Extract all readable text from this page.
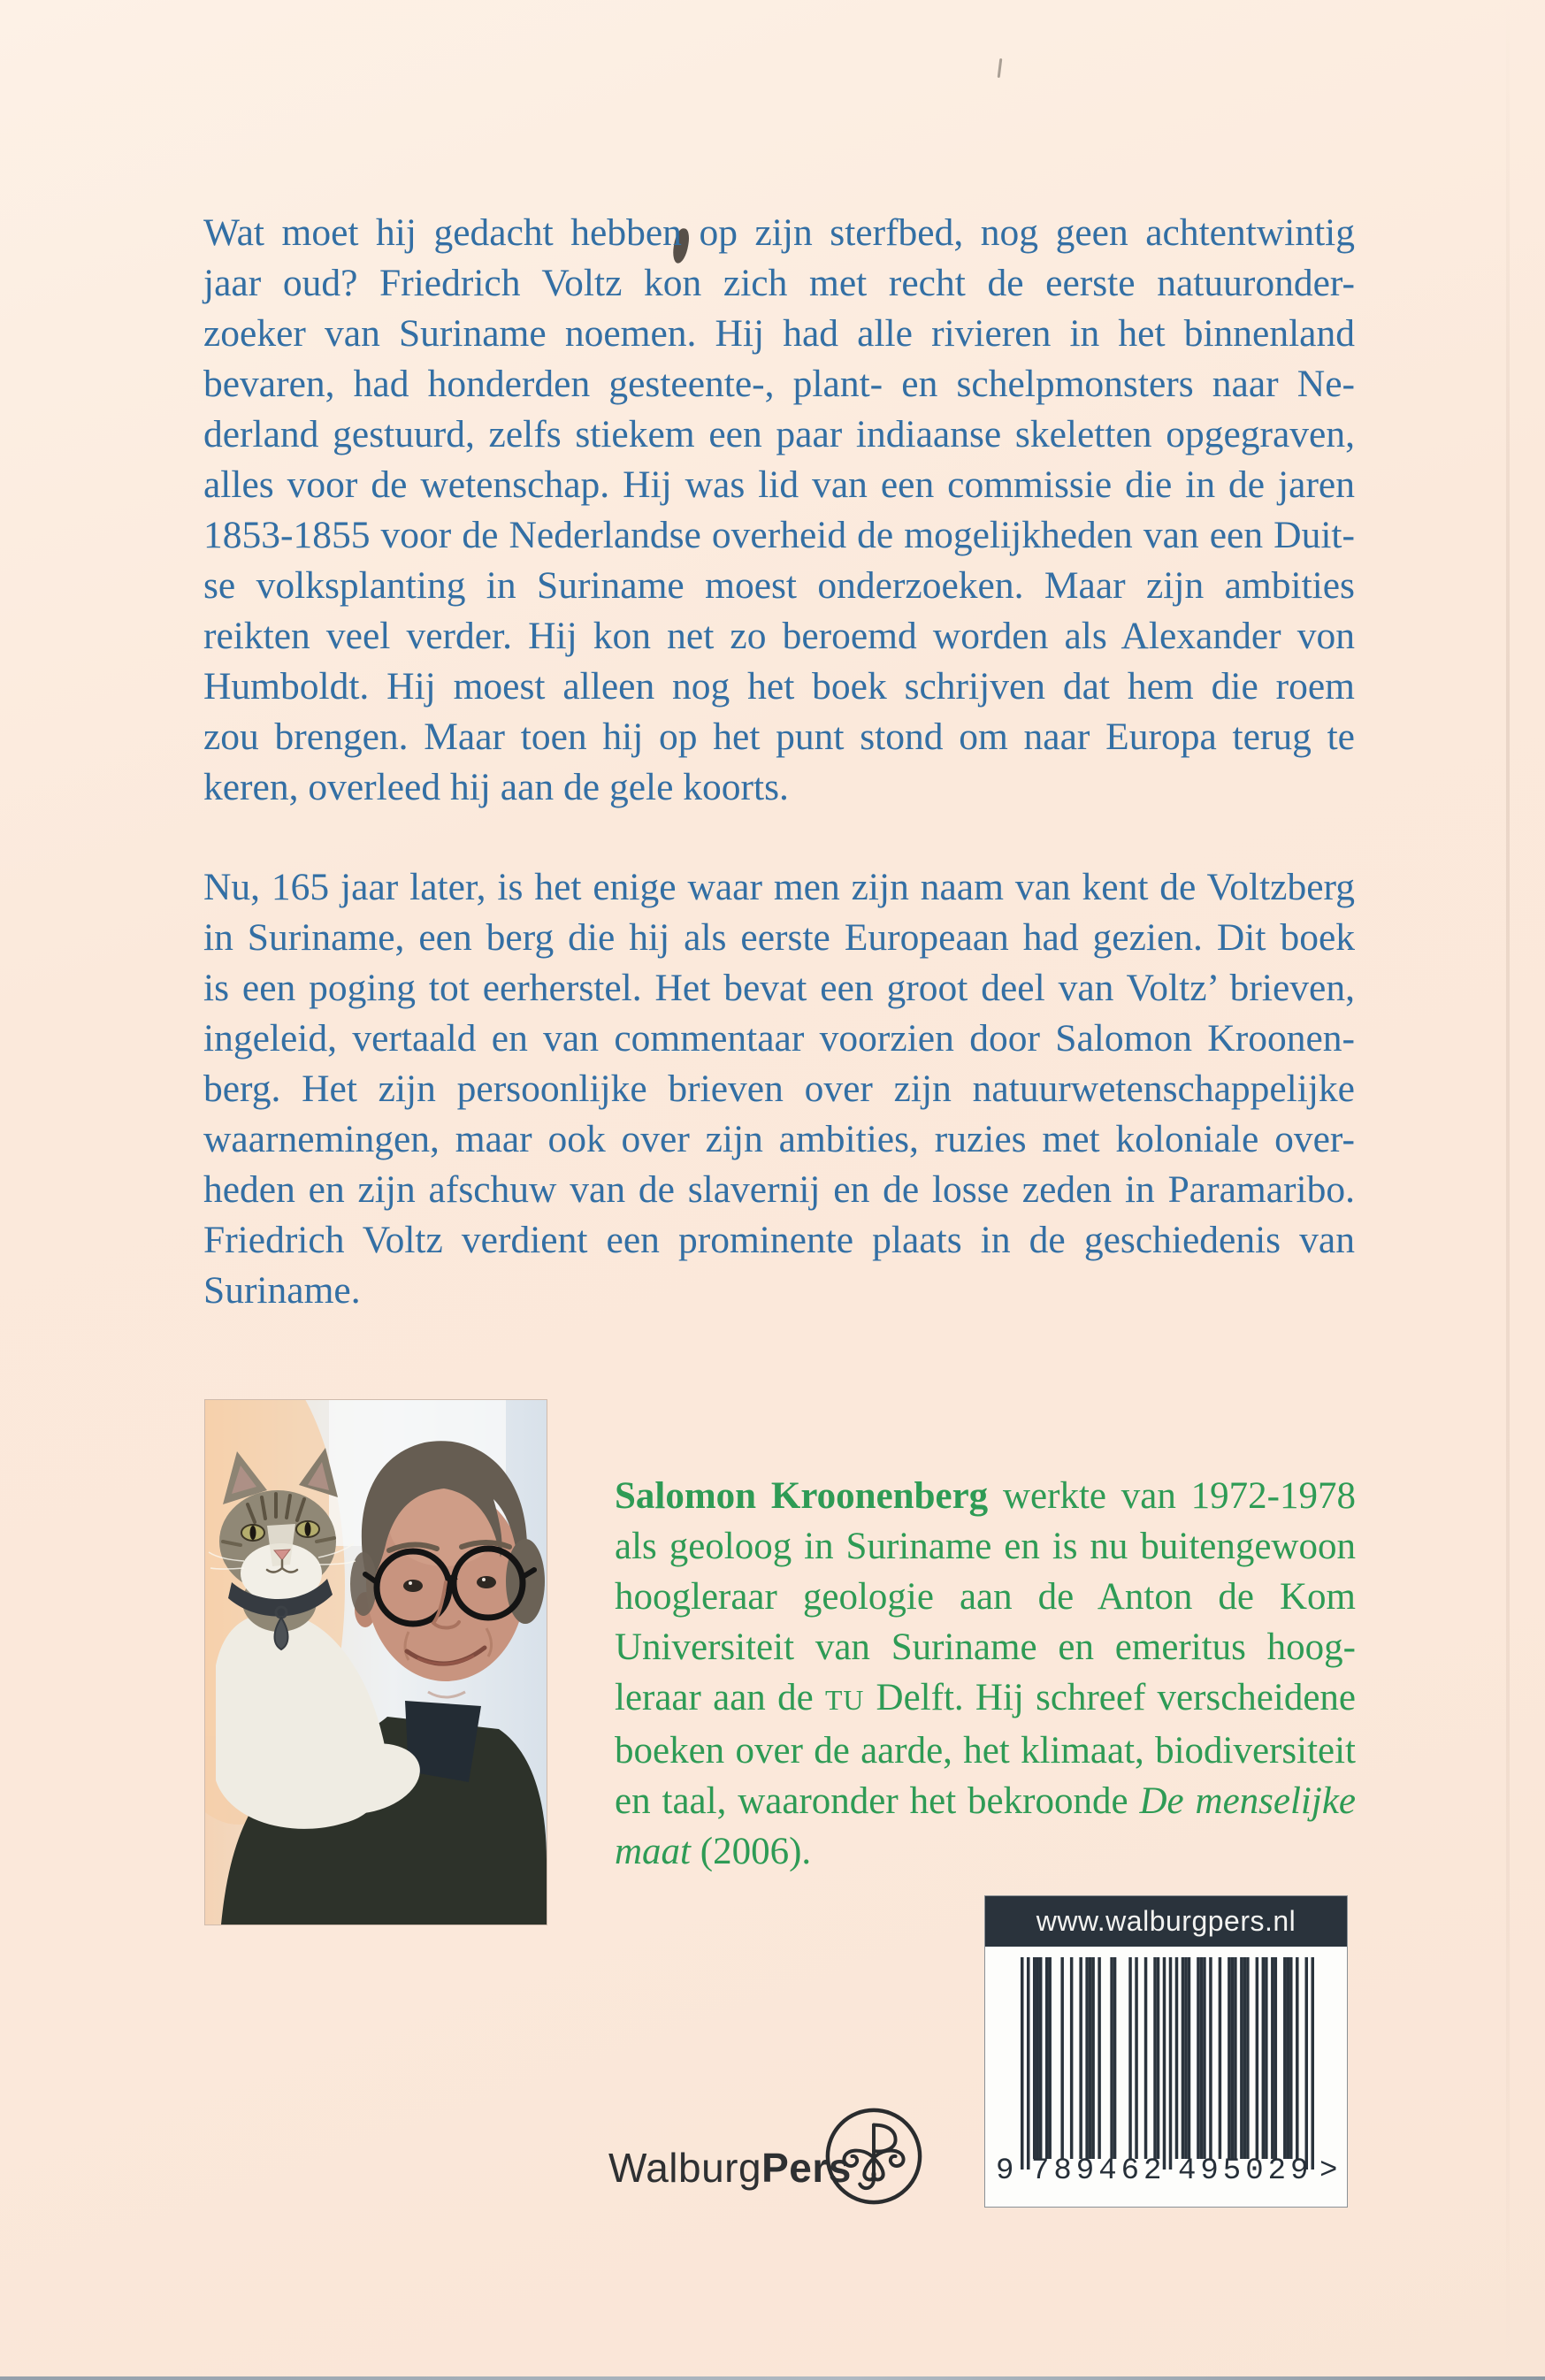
Wat moet hij gedacht hebben op zijn sterfbed, nog geen achtentwintig
jaar oud? Friedrich Voltz kon zich met recht de eerste natuuronder-
zoeker van Suriname noemen. Hij had alle rivieren in het binnenland
bevaren, had honderden gesteente-, plant- en schelpmonsters naar Ne-
derland gestuurd, zelfs stiekem een paar indiaanse skeletten opgegraven,
alles voor de wetenschap. Hij was lid van een commissie die in de jaren
1853-1855 voor de Nederlandse overheid de mogelijkheden van een Duit-
se volksplanting in Suriname moest onderzoeken. Maar zijn ambities
reikten veel verder. Hij kon net zo beroemd worden als Alexander von
Humboldt. Hij moest alleen nog het boek schrijven dat hem die roem
zou brengen. Maar toen hij op het punt stond om naar Europa terug te
keren, overleed hij aan de gele koorts.
Nu, 165 jaar later, is het enige waar men zijn naam van kent de Voltzberg
in Suriname, een berg die hij als eerste Europeaan had gezien. Dit boek
is een poging tot eerherstel. Het bevat een groot deel van Voltz’ brieven,
ingeleid, vertaald en van commentaar voorzien door Salomon Kroonen-
berg. Het zijn persoonlijke brieven over zijn natuurwetenschappelijke
waarnemingen, maar ook over zijn ambities, ruzies met koloniale over-
heden en zijn afschuw van de slavernij en de losse zeden in Paramaribo.
Friedrich Voltz verdient een prominente plaats in de geschiedenis van
Suriname.
Salomon Kroonenberg werkte van 1972-1978
als geoloog in Suriname en is nu buitengewoon
hoogleraar geologie aan de Anton de Kom
Universiteit van Suriname en emeritus hoog-
leraar aan de TU Delft. Hij schreef verscheidene
boeken over de aarde, het klimaat, biodiversiteit
en taal, waaronder het bekroonde De menselijke
maat (2006).
WalburgPers
www.walburgpers.nl
9 789462 495029 >
